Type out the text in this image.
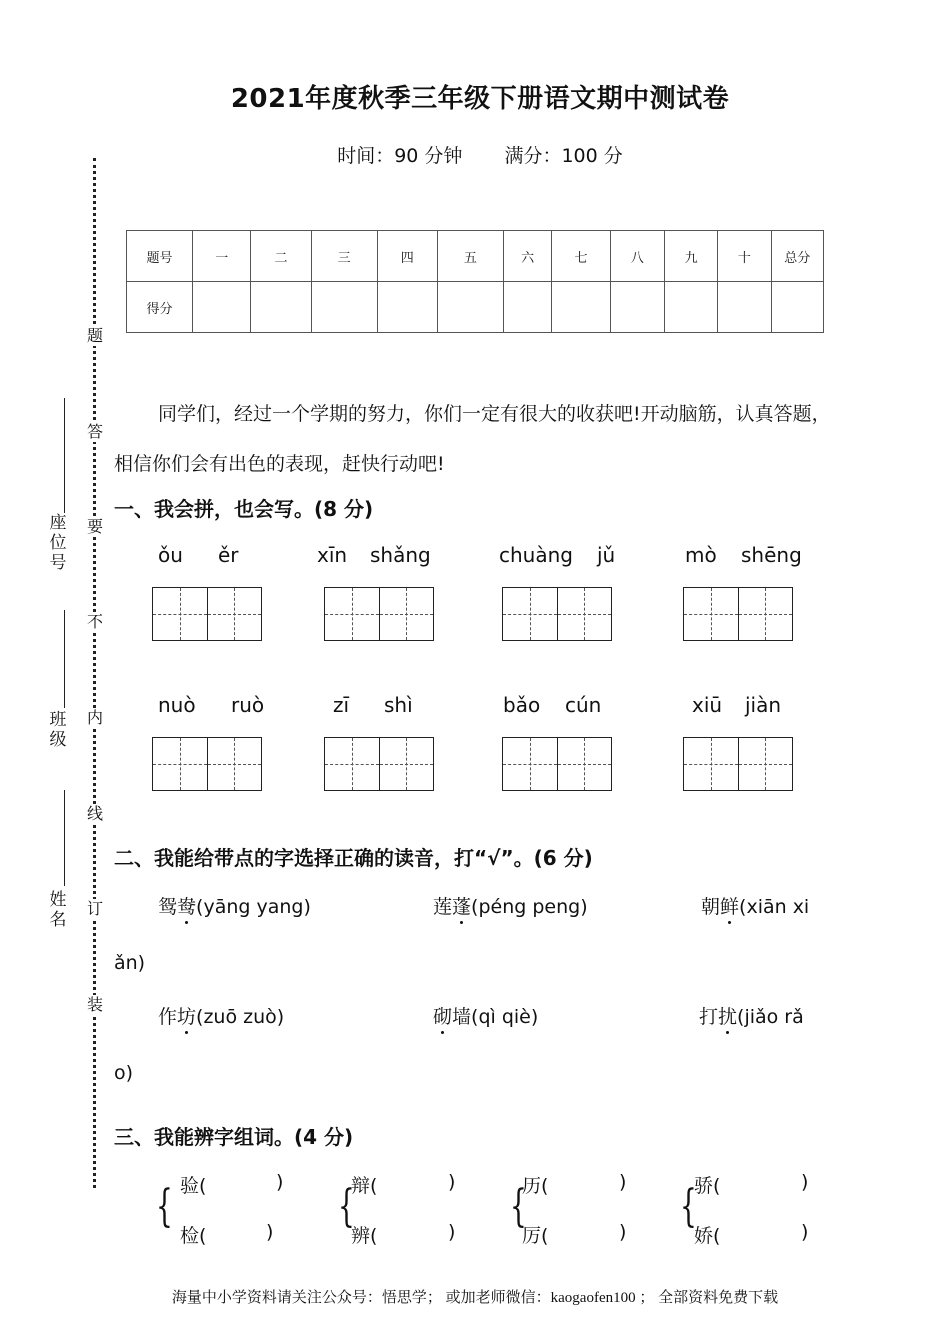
2021年度秋季三年级下册语文期中测试卷
时间：90 分钟 满分：100 分
题
答
要
不
内
线
订
装
座位号
班级
姓名
题号	一	二	三	四	五	六	七	八	九	十	总分
得分											
同学们，经过一个学期的努力，你们一定有很大的收获吧!开动脑筋，认真答题，相信你们会有出色的表现，赶快行动吧!
一、我会拼，也会写。(8 分)
ǒu ěr	xīn shǎng	chuàng jǔ	mò shēng
nuò ruò	zī shì	bǎo cún	xiū jiàn
二、我能给带点的字选择正确的读音，打“√”。(6 分)
鸳鸯(yāng yang)	莲蓬(péng peng)	朝鲜(xiān xi
ǎn)
作坊(zuō zuò)	砌墙(qì qiè)	打扰(jiǎo rǎ
o)
三、我能辨字组词。(4 分)
{ 验(	)
检(	) {
辩(	)
辨(	) {
历(	)
厉(	) {
骄(	)
娇(	)
海量中小学资料请关注公众号：悟思学； 或加老师微信：kaogaofen100 ； 全部资料免费下载
